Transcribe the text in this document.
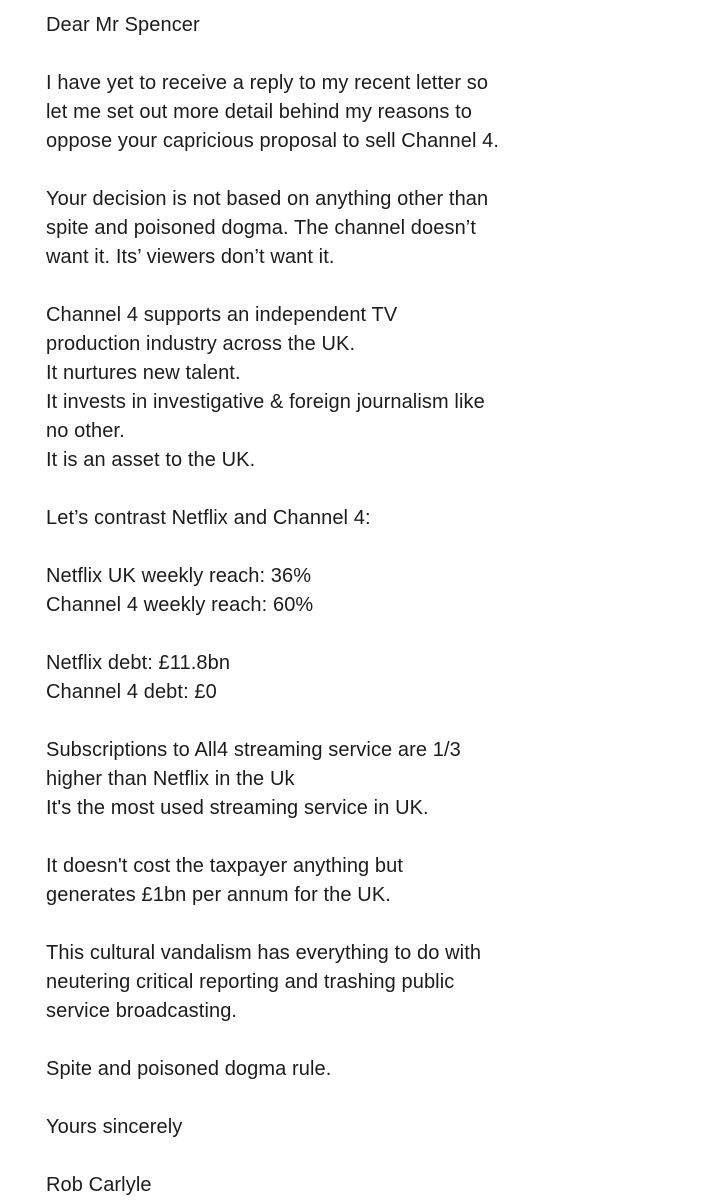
Dear Mr Spencer
I have yet to receive a reply to my recent letter so
let me set out more detail behind my reasons to
oppose your capricious proposal to sell Channel 4.
Your decision is not based on anything other than
spite and poisoned dogma. The channel doesn’t
want it. Its’ viewers don’t want it.
Channel 4 supports an independent TV
production industry across the UK.
It nurtures new talent.
It invests in investigative & foreign journalism like
no other.
It is an asset to the UK.
Let’s contrast Netflix and Channel 4:
Netflix UK weekly reach: 36%
Channel 4 weekly reach: 60%
Netflix debt: £11.8bn
Channel 4 debt: £0
Subscriptions to All4 streaming service are 1/3
higher than Netflix in the Uk
It's the most used streaming service in UK.
It doesn't cost the taxpayer anything but
generates £1bn per annum for the UK.
This cultural vandalism has everything to do with
neutering critical reporting and trashing public
service broadcasting.
Spite and poisoned dogma rule.
Yours sincerely
Rob Carlyle
